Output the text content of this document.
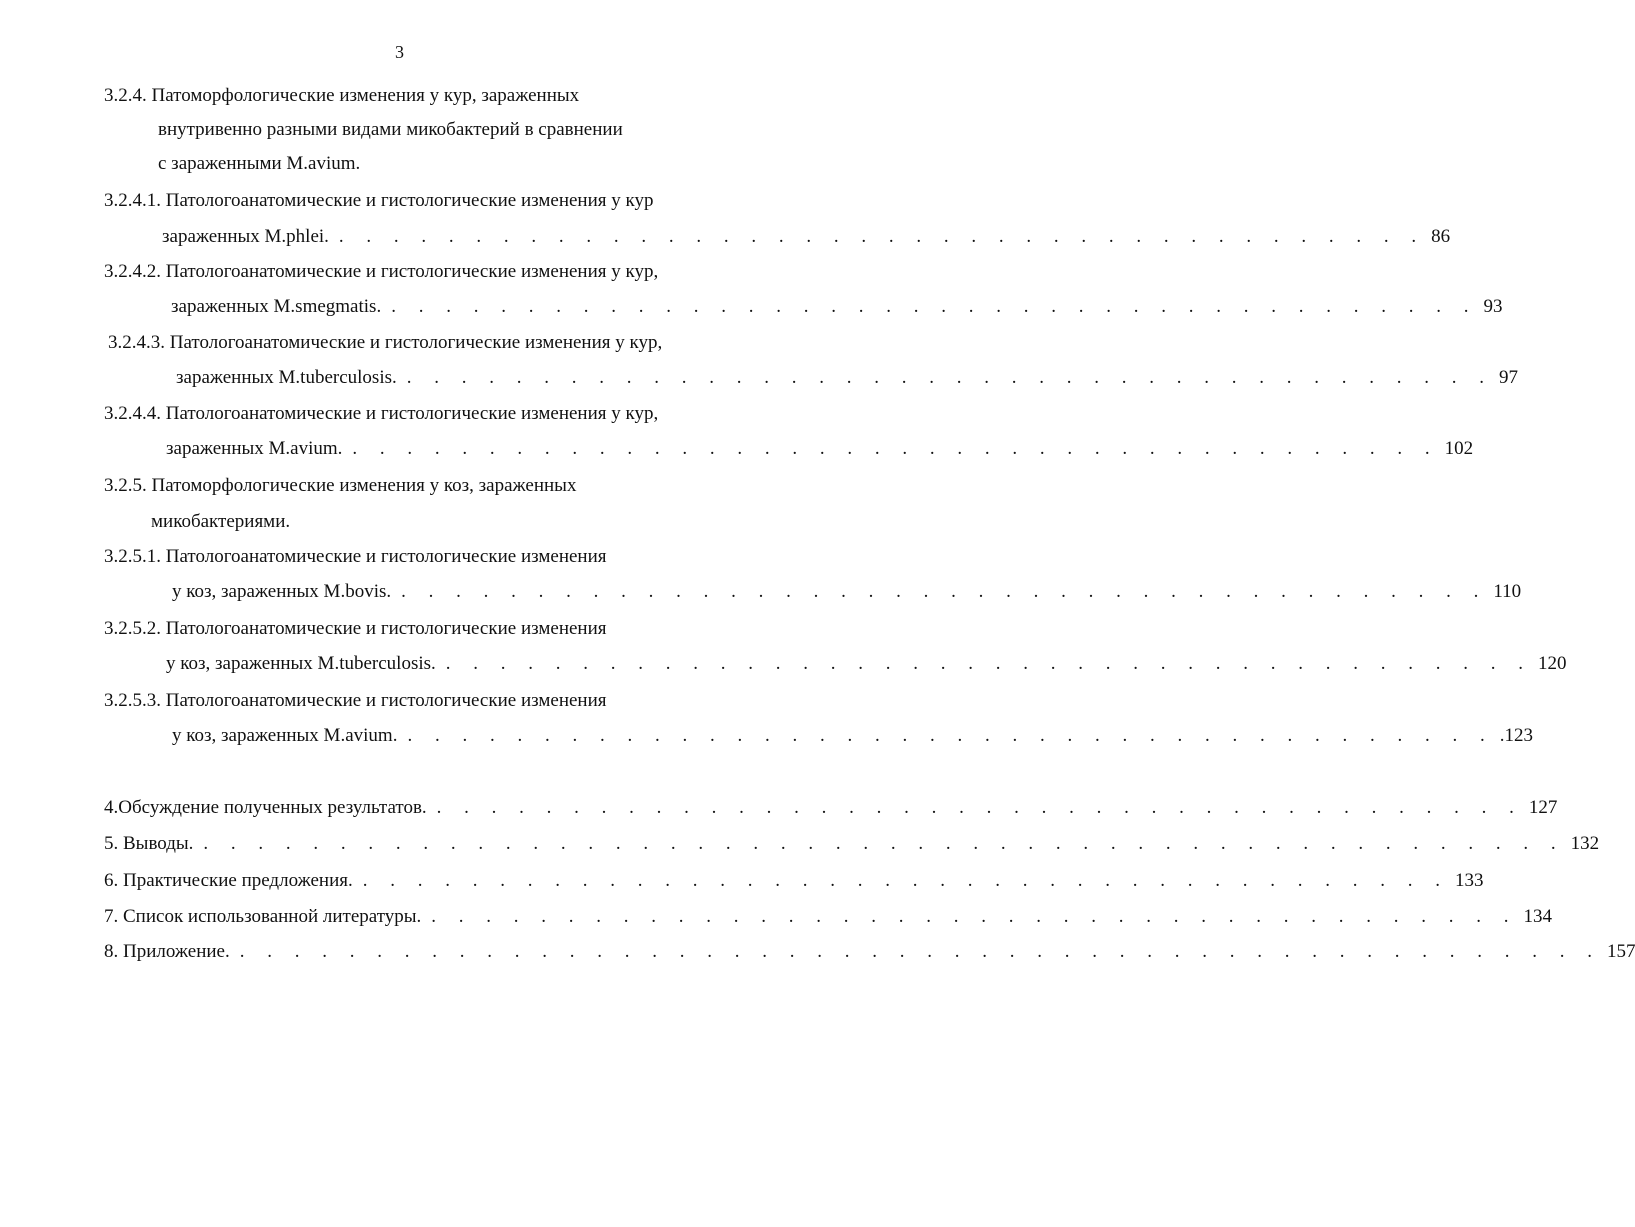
3
3.2.4. Патоморфологические изменения у кур, зараженных
внутривенно разными видами микобактерий в сравнении
с зараженными M.avium.
3.2.4.1. Патологоанатомические и гистологические изменения у кур
зараженных M.phlei. . . . . . . . . . . . . . . . . . . . . . . . . . . . . . . . . . . . . . . . . 86
3.2.4.2. Патологоанатомические и гистологические изменения у кур,
зараженных M.smegmatis. . . . . . . . . . . . . . . . . . . . . . . . . . . . . . . . . . . . . . . . . 93
3.2.4.3. Патологоанатомические и гистологические изменения у кур,
зараженных M.tuberculosis. . . . . . . . . . . . . . . . . . . . . . . . . . . . . . . . . . . . . . . . . 97
3.2.4.4. Патологоанатомические и гистологические изменения у кур,
зараженных M.avium. . . . . . . . . . . . . . . . . . . . . . . . . . . . . . . . . . . . . . . . . 102
3.2.5. Патоморфологические изменения у коз, зараженных
микобактериями.
3.2.5.1. Патологоанатомические и гистологические изменения
у коз, зараженных M.bovis. . . . . . . . . . . . . . . . . . . . . . . . . . . . . . . . . . . . . . . . . 110
3.2.5.2. Патологоанатомические и гистологические изменения
у коз, зараженных M.tuberculosis. . . . . . . . . . . . . . . . . . . . . . . . . . . . . . . . . . . . . . . . . 120
3.2.5.3. Патологоанатомические и гистологические изменения
у коз, зараженных M.avium. . . . . . . . . . . . . . . . . . . . . . . . . . . . . . . . . . . . . . . . . .123
4.Обсуждение полученных результатов. . . . . . . . . . . . . . . . . . . . . . . . . . . . . . . . . . . . . . . . . 127
5. Выводы. . . . . . . . . . . . . . . . . . . . . . . . . . . . . . . . . . . . . . . . . . . . . . . . . . . 132
6. Практические предложения. . . . . . . . . . . . . . . . . . . . . . . . . . . . . . . . . . . . . . . . . 133
7. Список использованной литературы. . . . . . . . . . . . . . . . . . . . . . . . . . . . . . . . . . . . . . . . . 134
8. Приложение. . . . . . . . . . . . . . . . . . . . . . . . . . . . . . . . . . . . . . . . . . . . . . . . . . . 157
